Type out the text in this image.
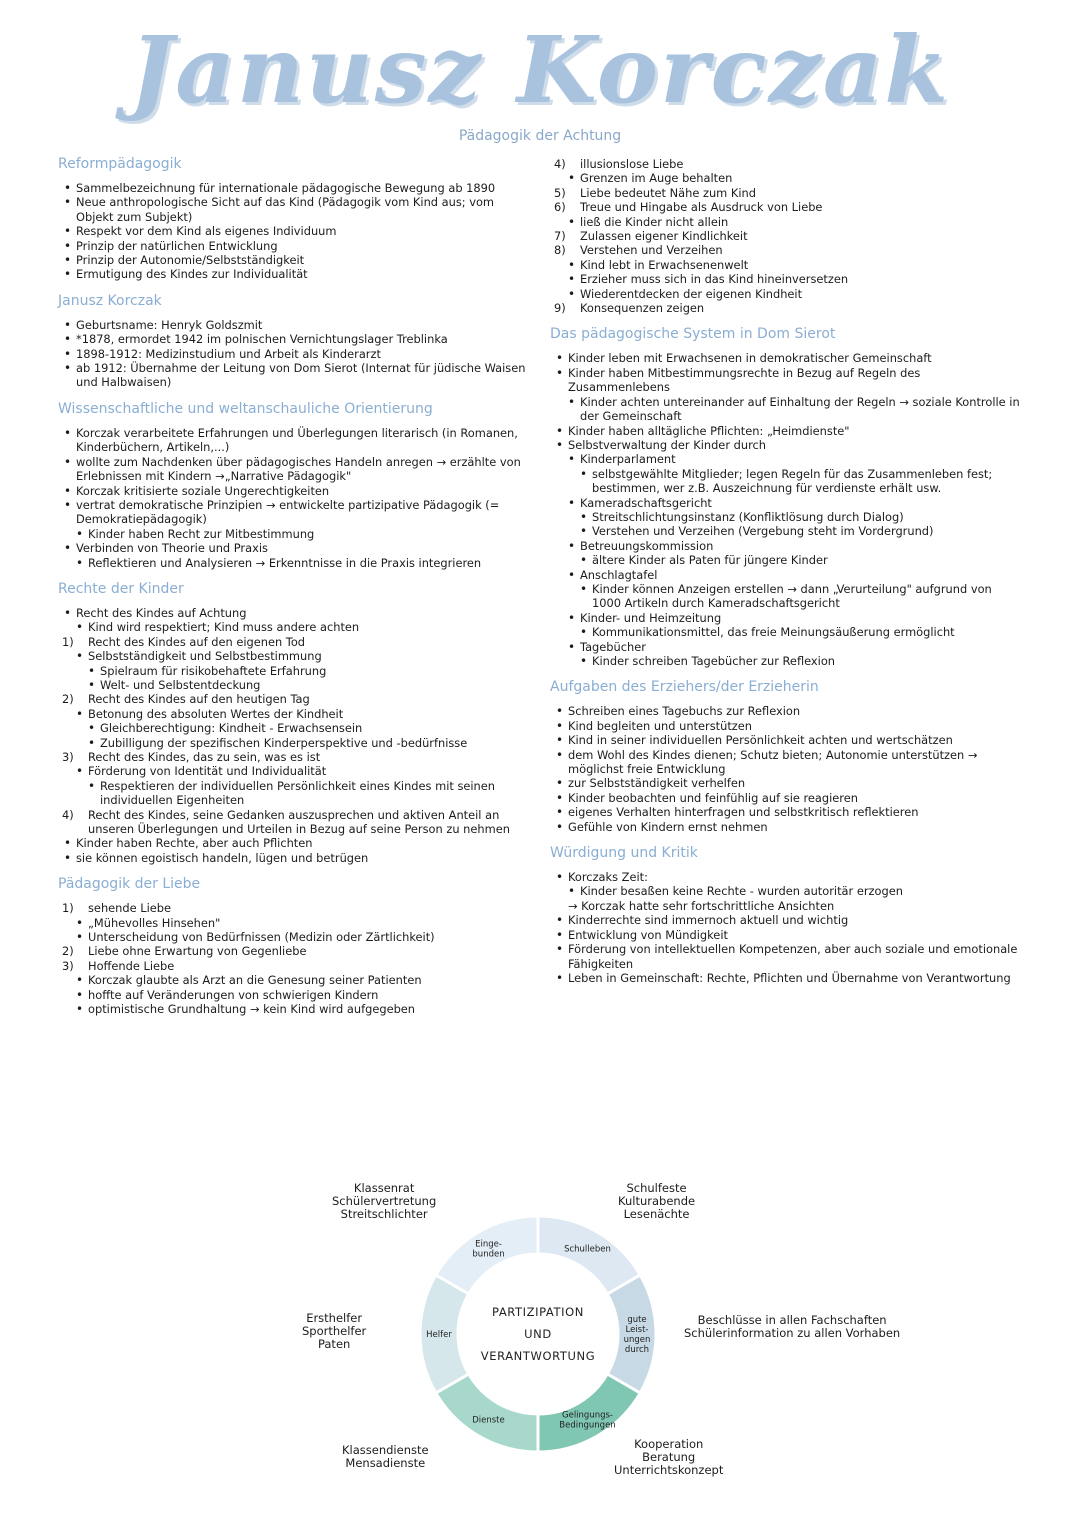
Janusz Korczak
Pädagogik der Achtung
Reformpädagogik
• Sammelbezeichnung für internationale pädagogische Bewegung ab 1890
• Neue anthropologische Sicht auf das Kind (Pädagogik vom Kind aus; vom Objekt zum Subjekt)
• Respekt vor dem Kind als eigenes Individuum
• Prinzip der natürlichen Entwicklung
• Prinzip der Autonomie/Selbstständigkeit
• Ermutigung des Kindes zur Individualität
Janusz Korczak
• Geburtsname: Henryk Goldszmit
• *1878, ermordet 1942 im polnischen Vernichtungslager Treblinka
• 1898-1912: Medizinstudium und Arbeit als Kinderarzt
• ab 1912: Übernahme der Leitung von Dom Sierot (Internat für jüdische Waisen und Halbwaisen)
Wissenschaftliche und weltanschauliche Orientierung
• Korczak verarbeitete Erfahrungen und Überlegungen literarisch (in Romanen, Kinderbüchern, Artikeln,...)
• wollte zum Nachdenken über pädagogisches Handeln anregen → erzählte von Erlebnissen mit Kindern →„Narrative Pädagogik"
• Korczak kritisierte soziale Ungerechtigkeiten
• vertrat demokratische Prinzipien → entwickelte partizipative Pädagogik (= Demokratiepädagogik)
• Kinder haben Recht zur Mitbestimmung
• Verbinden von Theorie und Praxis
• Reflektieren und Analysieren → Erkenntnisse in die Praxis integrieren
Rechte der Kinder
• Recht des Kindes auf Achtung
• Kind wird respektiert; Kind muss andere achten
1)	Recht des Kindes auf den eigenen Tod
• Selbstständigkeit und Selbstbestimmung
• Spielraum für risikobehaftete Erfahrung
• Welt- und Selbstentdeckung
2)	Recht des Kindes auf den heutigen Tag
• Betonung des absoluten Wertes der Kindheit
• Gleichberechtigung: Kindheit - Erwachsensein
• Zubilligung der spezifischen Kinderperspektive und -bedürfnisse
3)	Recht des Kindes, das zu sein, was es ist
• Förderung von Identität und Individualität
• Respektieren der individuellen Persönlichkeit eines Kindes mit seinen individuellen Eigenheiten
4)	Recht des Kindes, seine Gedanken auszusprechen und aktiven Anteil an unseren Überlegungen und Urteilen in Bezug auf seine Person zu nehmen
• Kinder haben Rechte, aber auch Pflichten
• sie können egoistisch handeln, lügen und betrügen
Pädagogik der Liebe
1)	sehende Liebe
• „Mühevolles Hinsehen"
• Unterscheidung von Bedürfnissen (Medizin oder Zärtlichkeit)
2)	Liebe ohne Erwartung von Gegenliebe
3)	Hoffende Liebe
• Korczak glaubte als Arzt an die Genesung seiner Patienten
• hoffte auf Veränderungen von schwierigen Kindern
• optimistische Grundhaltung → kein Kind wird aufgegeben
4)	illusionslose Liebe
• Grenzen im Auge behalten
5)	Liebe bedeutet Nähe zum Kind
6)	Treue und Hingabe als Ausdruck von Liebe
• ließ die Kinder nicht allein
7)	Zulassen eigener Kindlichkeit
8)	Verstehen und Verzeihen
• Kind lebt in Erwachsenenwelt
• Erzieher muss sich in das Kind hineinversetzen
• Wiederentdecken der eigenen Kindheit
9)	Konsequenzen zeigen
Das pädagogische System in Dom Sierot
• Kinder leben mit Erwachsenen in demokratischer Gemeinschaft
• Kinder haben Mitbestimmungsrechte in Bezug auf Regeln des Zusammenlebens
• Kinder achten untereinander auf Einhaltung der Regeln → soziale Kontrolle in der Gemeinschaft
• Kinder haben alltägliche Pflichten: „Heimdienste"
• Selbstverwaltung der Kinder durch
• Kinderparlament
• selbstgewählte Mitglieder; legen Regeln für das Zusammenleben fest; bestimmen, wer z.B. Auszeichnung für verdienste erhält usw.
• Kameradschaftsgericht
• Streitschlichtungsinstanz (Konfliktlösung durch Dialog)
• Verstehen und Verzeihen (Vergebung steht im Vordergrund)
• Betreuungskommission
• ältere Kinder als Paten für jüngere Kinder
• Anschlagtafel
• Kinder können Anzeigen erstellen → dann „Verurteilung" aufgrund von 1000 Artikeln durch Kameradschaftsgericht
• Kinder- und Heimzeitung
• Kommunikationsmittel, das freie Meinungsäußerung ermöglicht
• Tagebücher
• Kinder schreiben Tagebücher zur Reflexion
Aufgaben des Erziehers/der Erzieherin
• Schreiben eines Tagebuchs zur Reflexion
• Kind begleiten und unterstützen
• Kind in seiner individuellen Persönlichkeit achten und wertschätzen
• dem Wohl des Kindes dienen; Schutz bieten; Autonomie unterstützen → möglichst freie Entwicklung
• zur Selbstständigkeit verhelfen
• Kinder beobachten und feinfühlig auf sie reagieren
• eigenes Verhalten hinterfragen und selbstkritisch reflektieren
• Gefühle von Kindern ernst nehmen
Würdigung und Kritik
• Korczaks Zeit:
• Kinder besaßen keine Rechte - wurden autoritär erzogen
→ Korczak hatte sehr fortschrittliche Ansichten
• Kinderrechte sind immernoch aktuell und wichtig
• Entwicklung von Mündigkeit
• Förderung von intellektuellen Kompetenzen, aber auch soziale und emotionale Fähigkeiten
• Leben in Gemeinschaft: Rechte, Pflichten und Übernahme von Verantwortung
Einge-bunden	Schulleben
gute Leist-ungen durch
Gelingungs-Bedingungen
Dienste
Helfer
PARTIZIPATION UND VERANTWORTUNG
Klassenrat
Schülervertretung
Streitschlichter
Schulfeste
Kulturabende
Lesenächte
Ersthelfer
Sporthelfer
Paten
Beschlüsse in allen Fachschaften
Schülerinformation zu allen Vorhaben
Klassendienste
Mensadienste
Kooperation
Beratung
Unterrichtskonzept
